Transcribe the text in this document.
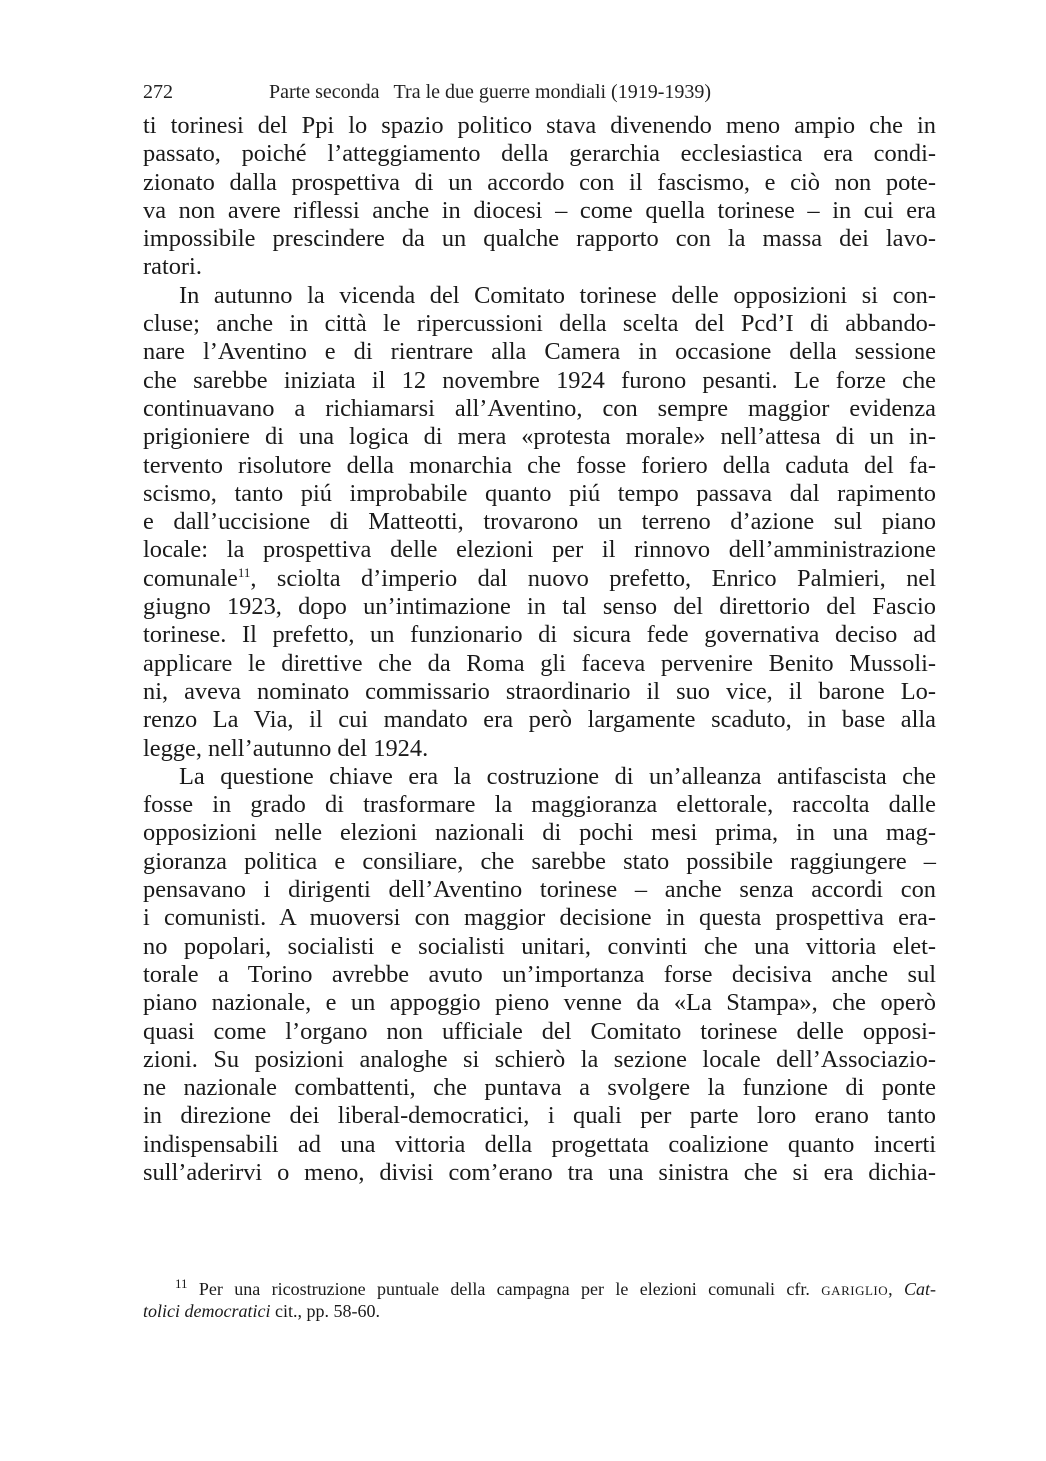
272	Parte seconda Tra le due guerre mondiali (1919-1939)

ti torinesi del Ppi lo spazio politico stava divenendo meno ampio che in
passato, poiché l’atteggiamento della gerarchia ecclesiastica era condi-
zionato dalla prospettiva di un accordo con il fascismo, e ciò non pote-
va non avere riflessi anche in diocesi – come quella torinese – in cui era
impossibile prescindere da un qualche rapporto con la massa dei lavo-
ratori.

In autunno la vicenda del Comitato torinese delle opposizioni si con-
cluse; anche in città le ripercussioni della scelta del Pcd’I di abbando-
nare l’Aventino e di rientrare alla Camera in occasione della sessione
che sarebbe iniziata il 12 novembre 1924 furono pesanti. Le forze che
continuavano a richiamarsi all’Aventino, con sempre maggior evidenza
prigioniere di una logica di mera «protesta morale» nell’attesa di un in-
tervento risolutore della monarchia che fosse foriero della caduta del fa-
scismo, tanto piú improbabile quanto piú tempo passava dal rapimento
e dall’uccisione di Matteotti, trovarono un terreno d’azione sul piano
locale: la prospettiva delle elezioni per il rinnovo dell’amministrazione
comunale$^{11}$, sciolta d’imperio dal nuovo prefetto, Enrico Palmieri, nel
giugno 1923, dopo un’intimazione in tal senso del direttorio del Fascio
torinese. Il prefetto, un funzionario di sicura fede governativa deciso ad
applicare le direttive che da Roma gli faceva pervenire Benito Mussoli-
ni, aveva nominato commissario straordinario il suo vice, il barone Lo-
renzo La Via, il cui mandato era però largamente scaduto, in base alla
legge, nell’autunno del 1924.

La questione chiave era la costruzione di un’alleanza antifascista che
fosse in grado di trasformare la maggioranza elettorale, raccolta dalle
opposizioni nelle elezioni nazionali di pochi mesi prima, in una mag-
gioranza politica e consiliare, che sarebbe stato possibile raggiungere –
pensavano i dirigenti dell’Aventino torinese – anche senza accordi con
i comunisti. A muoversi con maggior decisione in questa prospettiva era-
no popolari, socialisti e socialisti unitari, convinti che una vittoria elet-
torale a Torino avrebbe avuto un’importanza forse decisiva anche sul
piano nazionale, e un appoggio pieno venne da «La Stampa», che operò
quasi come l’organo non ufficiale del Comitato torinese delle opposi-
zioni. Su posizioni analoghe si schierò la sezione locale dell’Associazio-
ne nazionale combattenti, che puntava a svolgere la funzione di ponte
in direzione dei liberal-democratici, i quali per parte loro erano tanto
indispensabili ad una vittoria della progettata coalizione quanto incerti
sull’aderirvi o meno, divisi com’erano tra una sinistra che si era dichia-

$^{11}$ Per una ricostruzione puntuale della campagna per le elezioni comunali cfr. gariglio, Cat-
tolici democratici cit., pp. 58-60.
